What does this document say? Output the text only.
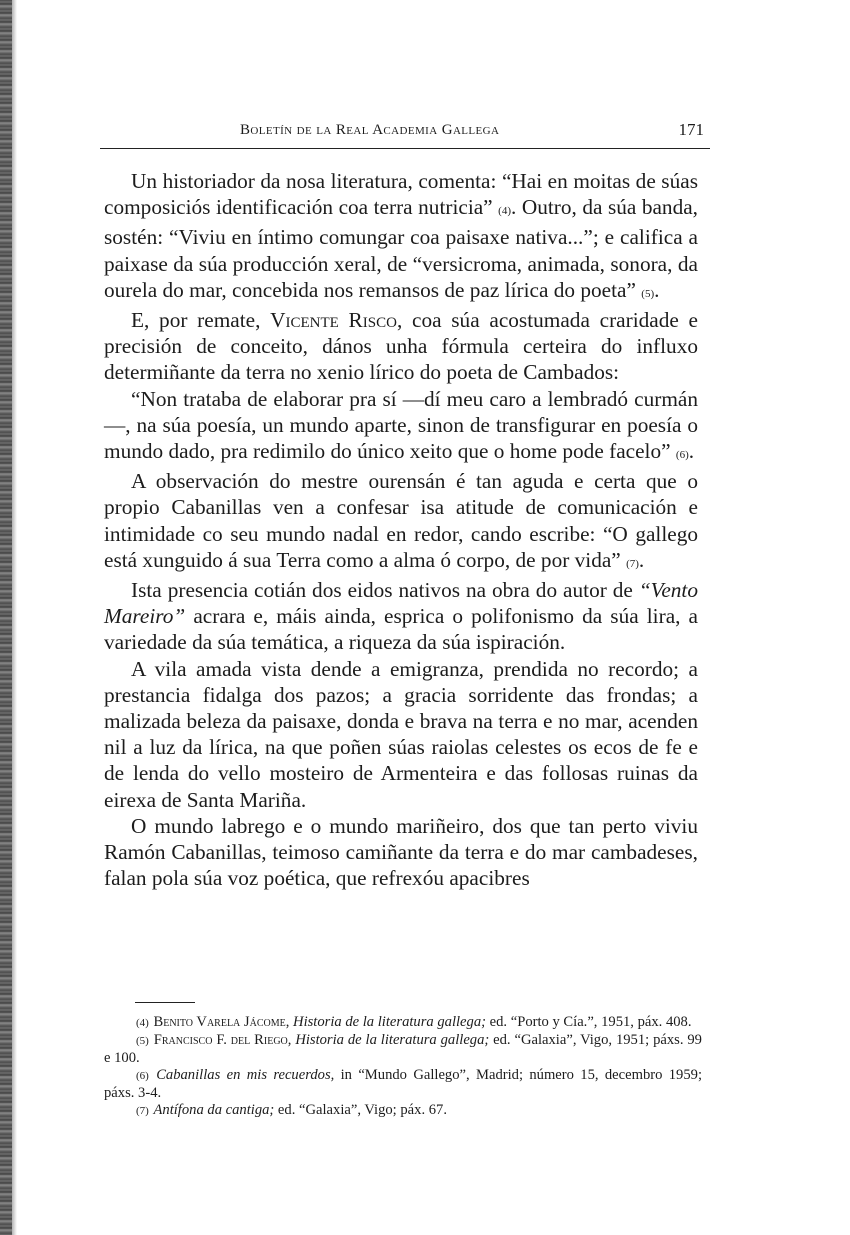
Boletín de la Real Academia Gallega	171

Un historiador da nosa literatura, comenta: “Hai en moitas de súas composiciós identificación coa terra nutricia” (4). Outro, da súa banda, sostén: “Viviu en íntimo comungar coa paisaxe nativa...”; e califica a paixase da súa producción xeral, de “versicroma, animada, sonora, da ourela do mar, concebida nos remansos de paz lírica do poeta” (5).

E, por remate, Vicente Risco, coa súa acostumada craridade e precisión de conceito, dános unha fórmula certeira do influxo determiñante da terra no xenio lírico do poeta de Cambados:

“Non trataba de elaborar pra sí —dí meu caro a lembradó curmán—, na súa poesía, un mundo aparte, sinon de transfigurar en poesía o mundo dado, pra redimilo do único xeito que o home pode facelo” (6).

A observación do mestre ourensán é tan aguda e certa que o propio Cabanillas ven a confesar isa atitude de comunicación e intimidade co seu mundo nadal en redor, cando escribe: “O gallego está xunguido á sua Terra como a alma ó corpo, de por vida” (7).

Ista presencia cotián dos eidos nativos na obra do autor de “Vento Mareiro” acrara e, máis ainda, esprica o polifonismo da súa lira, a variedade da súa temática, a riqueza da súa ispiración.

A vila amada vista dende a emigranza, prendida no recordo; a prestancia fidalga dos pazos; a gracia sorridente das frondas; a malizada beleza da paisaxe, donda e brava na terra e no mar, acenden nil a luz da lírica, na que poñen súas raiolas celestes os ecos de fe e de lenda do vello mosteiro de Armenteira e das follosas ruinas da eirexa de Santa Mariña.

O mundo labrego e o mundo mariñeiro, dos que tan perto viviu Ramón Cabanillas, teimoso camiñante da terra e do mar cambadeses, falan pola súa voz poética, que refrexóu apacibres

(4) Benito Varela Jácome, Historia de la literatura gallega; ed. “Porto y Cía.”, 1951, páx. 408.

(5) Francisco F. del Riego, Historia de la literatura gallega; ed. “Galaxia”, Vigo, 1951; páxs. 99 e 100.

(6) Cabanillas en mis recuerdos, in “Mundo Gallego”, Madrid; número 15, decembro 1959; páxs. 3-4.

(7) Antífona da cantiga; ed. “Galaxia”, Vigo; páx. 67.
